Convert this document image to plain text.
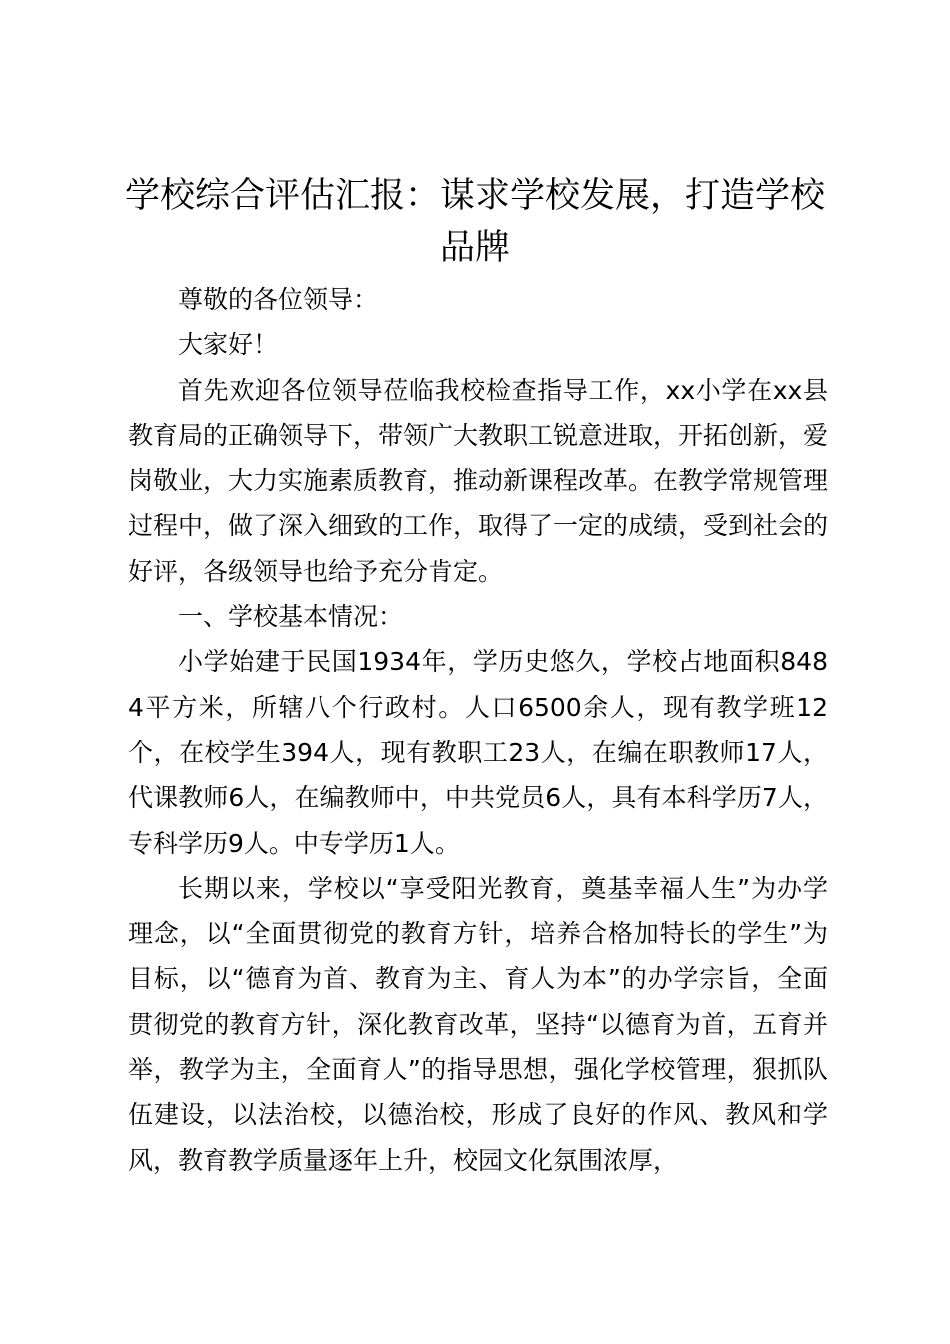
学校综合评估汇报：谋求学校发展，打造学校品牌

尊敬的各位领导：

大家好！

首先欢迎各位领导莅临我校检查指导工作，xx小学在xx县教育局的正确领导下，带领广大教职工锐意进取，开拓创新，爱岗敬业，大力实施素质教育，推动新课程改革。在教学常规管理过程中，做了深入细致的工作，取得了一定的成绩，受到社会的好评，各级领导也给予充分肯定。

一、学校基本情况：

小学始建于民国1934年，学历史悠久，学校占地面积8484平方米，所辖八个行政村。人口6500余人，现有教学班12个，在校学生394人，现有教职工23人，在编在职教师17人，代课教师6人，在编教师中，中共党员6人，具有本科学历7人，专科学历9人。中专学历1人。

长期以来，学校以“享受阳光教育，奠基幸福人生”为办学理念，以“全面贯彻党的教育方针，培养合格加特长的学生”为目标，以“德育为首、教育为主、育人为本”的办学宗旨，全面贯彻党的教育方针，深化教育改革，坚持“以德育为首，五育并举，教学为主，全面育人”的指导思想，强化学校管理，狠抓队伍建设，以法治校，以德治校，形成了良好的作风、教风和学风，教育教学质量逐年上升，校园文化氛围浓厚，
